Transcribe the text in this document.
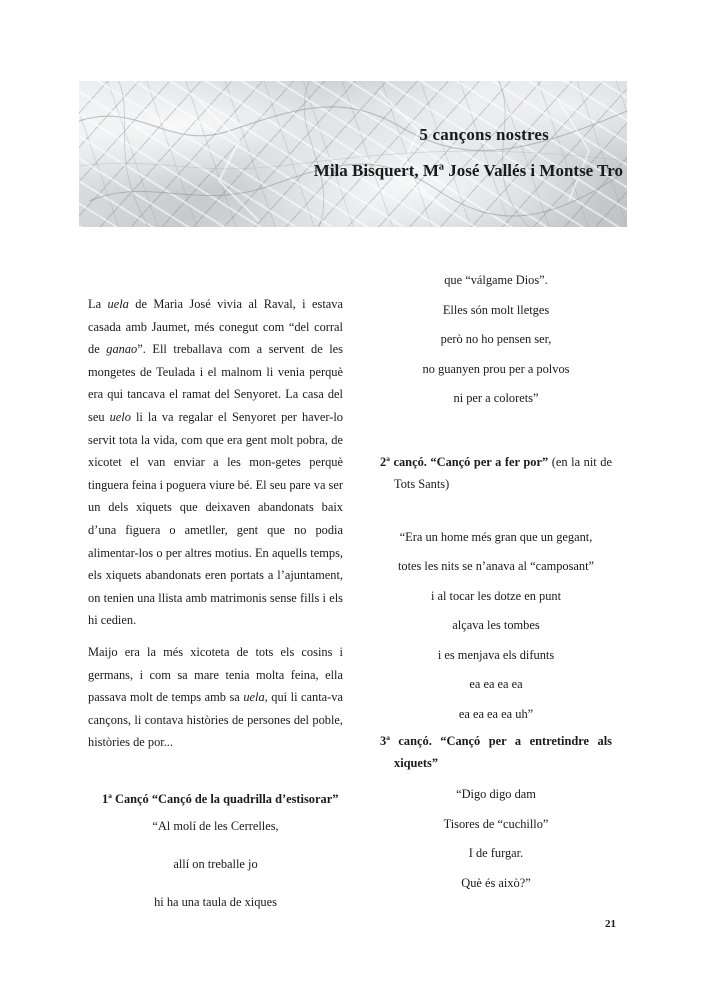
5 cançons nostres

Mila Bisquert, Mª José Vallés i Montse Tro

La uela de Maria José vivia al Raval, i estava casada amb Jaumet, més conegut com “del corral de ganao”. Ell treballava com a servent de les mongetes de Teulada i el malnom li venia perquè era qui tancava el ramat del Senyoret. La casa del seu uelo li la va regalar el Senyoret per haver-lo servit tota la vida, com que era gent molt pobra, de xicotet el van enviar a les mon-getes perquè tinguera feina i poguera viure bé. El seu pare va ser un dels xiquets que deixaven abandonats baix d’una figuera o ametller, gent que no podia alimentar-los o per altres motius. En aquells temps, els xiquets abandonats eren portats a l’ajuntament, on tenien una llista amb matrimonis sense fills i els hi cedien.

Maijo era la més xicoteta de tots els cosins i germans, i com sa mare tenia molta feina, ella passava molt de temps amb sa uela, qui li canta-va cançons, li contava històries de persones del poble, històries de por...

1ª Cançó “Cançó de la quadrilla d’estisorar”

“Al molí de les Cerrelles,

allí on treballe jo

hi ha una taula de xiques

que “válgame Dios”.

Elles són molt lletges

però no ho pensen ser,

no guanyen prou per a polvos

ni per a colorets”

2ª cançó. “Cançó per a fer por” (en la nit de Tots Sants)

“Era un home més gran que un gegant,

totes les nits se n’anava al “camposant”

i al tocar les dotze en punt

alçava les tombes

i es menjava els difunts

ea ea ea ea

ea ea ea ea uh”

3ª cançó. “Cançó per a entretindre als xiquets”

“Digo digo dam

Tisores de “cuchillo”

I de furgar.

Què és això?”

21
